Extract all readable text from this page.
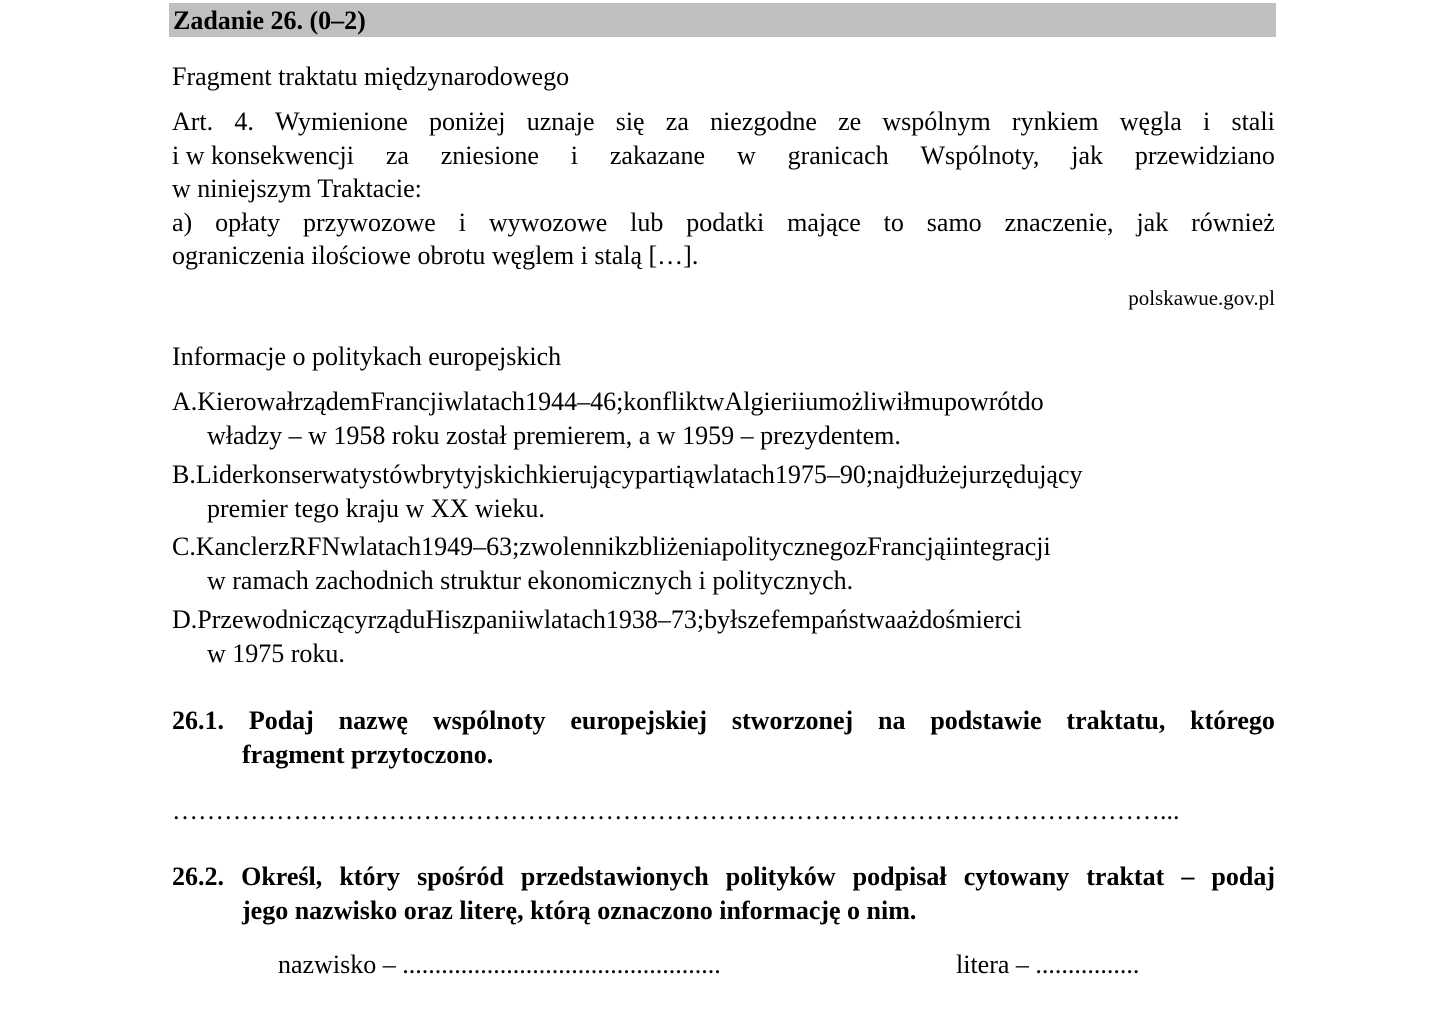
Zadanie 26. (0–2)
Fragment traktatu międzynarodowego
Art. 4. Wymienione poniżej uznaje się za niezgodne ze wspólnym rynkiem węgla i stali
i w konsekwencji za zniesione i zakazane w granicach Wspólnoty, jak przewidziano
w niniejszym Traktacie:
a) opłaty przywozowe i wywozowe lub podatki mające to samo znaczenie, jak również
ograniczenia ilościowe obrotu węglem i stalą […].
polskawue.gov.pl
Informacje o politykach europejskich
A.KierowałrządemFrancjiwlatach1944–46;konfliktwAlgieriiumożliwiłmupowrótdo
władzy – w 1958 roku został premierem, a w 1959 – prezydentem.
B.Liderkonserwatystówbrytyjskichkierującypartiąwlatach1975–90;najdłużejurzędujący
premier tego kraju w XX wieku.
C.KanclerzRFNwlatach1949–63;zwolennikzbliżeniapolitycznegozFrancjąiintegracji
w ramach zachodnich struktur ekonomicznych i politycznych.
D.PrzewodniczącyrząduHiszpaniiwlatach1938–73;byłszefempaństwaażdośmierci
w 1975 roku.
26.1. Podaj nazwę wspólnoty europejskiej stworzonej na podstawie traktatu, którego
fragment przytoczono.
……………………………………………………………………………………………………...
26.2. Określ, który spośród przedstawionych polityków podpisał cytowany traktat – podaj
jego nazwisko oraz literę, którą oznaczono informację o nim.
nazwisko – .................................................	litera – ................
